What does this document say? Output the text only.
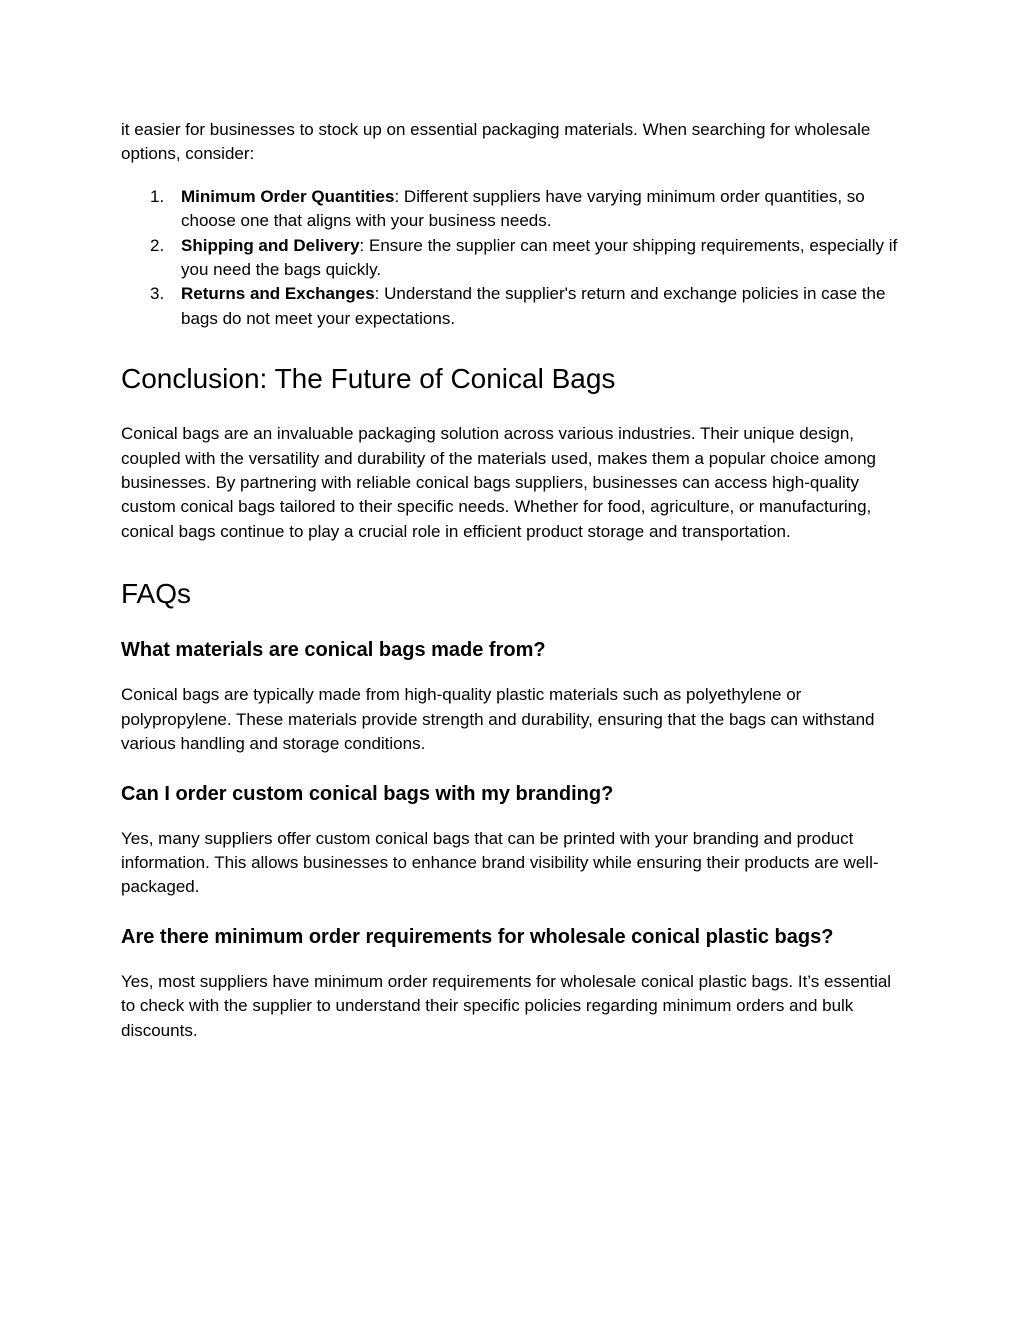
it easier for businesses to stock up on essential packaging materials. When searching for wholesale options, consider:

1. Minimum Order Quantities: Different suppliers have varying minimum order quantities, so choose one that aligns with your business needs.
2. Shipping and Delivery: Ensure the supplier can meet your shipping requirements, especially if you need the bags quickly.
3. Returns and Exchanges: Understand the supplier's return and exchange policies in case the bags do not meet your expectations.
Conclusion: The Future of Conical Bags

Conical bags are an invaluable packaging solution across various industries. Their unique design, coupled with the versatility and durability of the materials used, makes them a popular choice among businesses. By partnering with reliable conical bags suppliers, businesses can access high-quality custom conical bags tailored to their specific needs. Whether for food, agriculture, or manufacturing, conical bags continue to play a crucial role in efficient product storage and transportation.

FAQs
What materials are conical bags made from?

Conical bags are typically made from high-quality plastic materials such as polyethylene or polypropylene. These materials provide strength and durability, ensuring that the bags can withstand various handling and storage conditions.

Can I order custom conical bags with my branding?

Yes, many suppliers offer custom conical bags that can be printed with your branding and product information. This allows businesses to enhance brand visibility while ensuring their products are well-packaged.

Are there minimum order requirements for wholesale conical plastic bags?

Yes, most suppliers have minimum order requirements for wholesale conical plastic bags. It’s essential to check with the supplier to understand their specific policies regarding minimum orders and bulk discounts.
